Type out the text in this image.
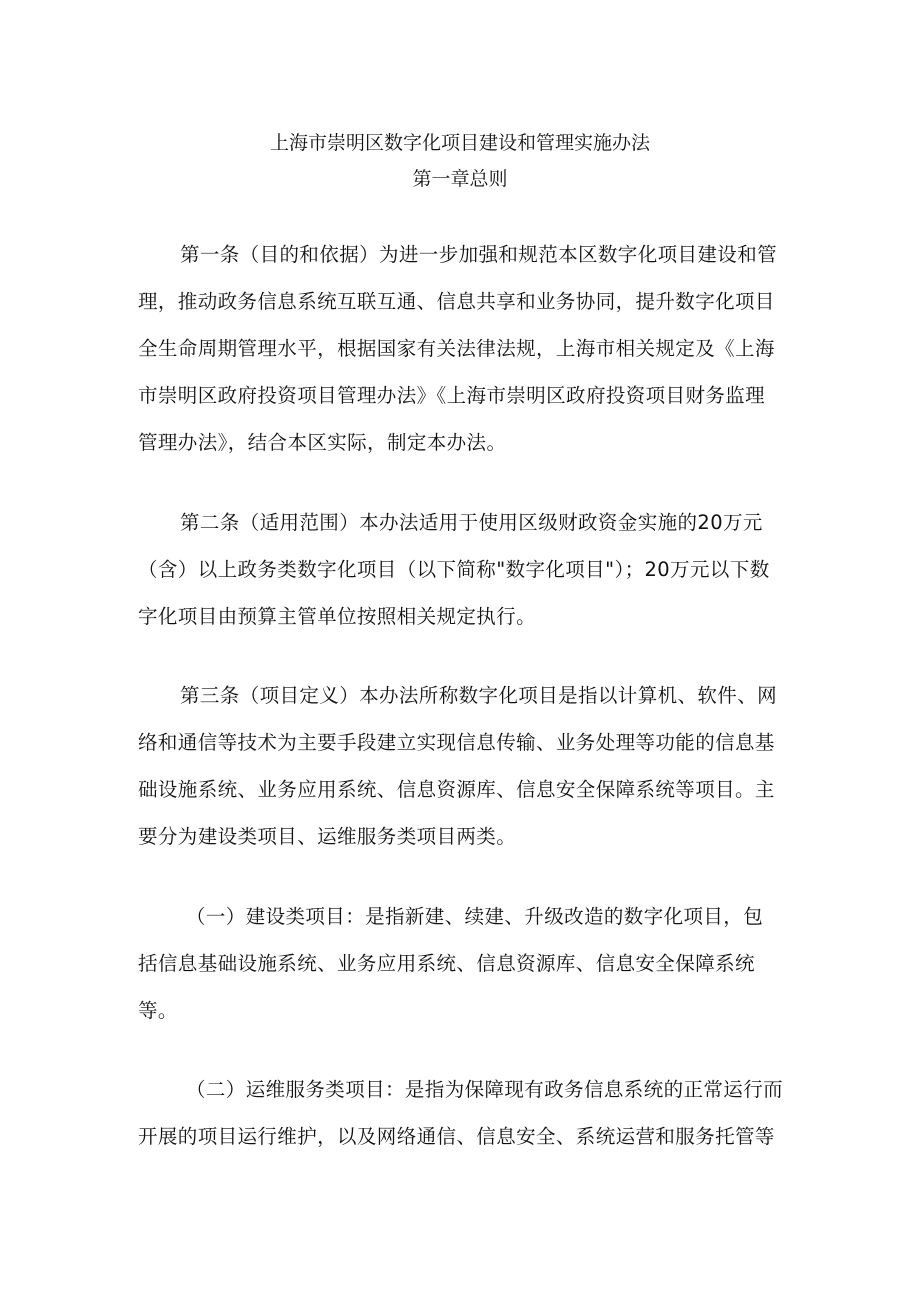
上海市崇明区数字化项目建设和管理实施办法
第一章总则
第一条（目的和依据）为进一步加强和规范本区数字化项目建设和管
理，推动政务信息系统互联互通、信息共享和业务协同，提升数字化项目
全生命周期管理水平，根据国家有关法律法规，上海市相关规定及《上海
市崇明区政府投资项目管理办法》《上海市崇明区政府投资项目财务监理
管理办法》，结合本区实际，制定本办法。
第二条（适用范围）本办法适用于使用区级财政资金实施的20万元
（含）以上政务类数字化项目（以下简称"数字化项目"）；20万元以下数
字化项目由预算主管单位按照相关规定执行。
第三条（项目定义）本办法所称数字化项目是指以计算机、软件、网
络和通信等技术为主要手段建立实现信息传输、业务处理等功能的信息基
础设施系统、业务应用系统、信息资源库、信息安全保障系统等项目。主
要分为建设类项目、运维服务类项目两类。
（一）建设类项目：是指新建、续建、升级改造的数字化项目，包
括信息基础设施系统、业务应用系统、信息资源库、信息安全保障系统
等。
（二）运维服务类项目：是指为保障现有政务信息系统的正常运行而
开展的项目运行维护，以及网络通信、信息安全、系统运营和服务托管等
